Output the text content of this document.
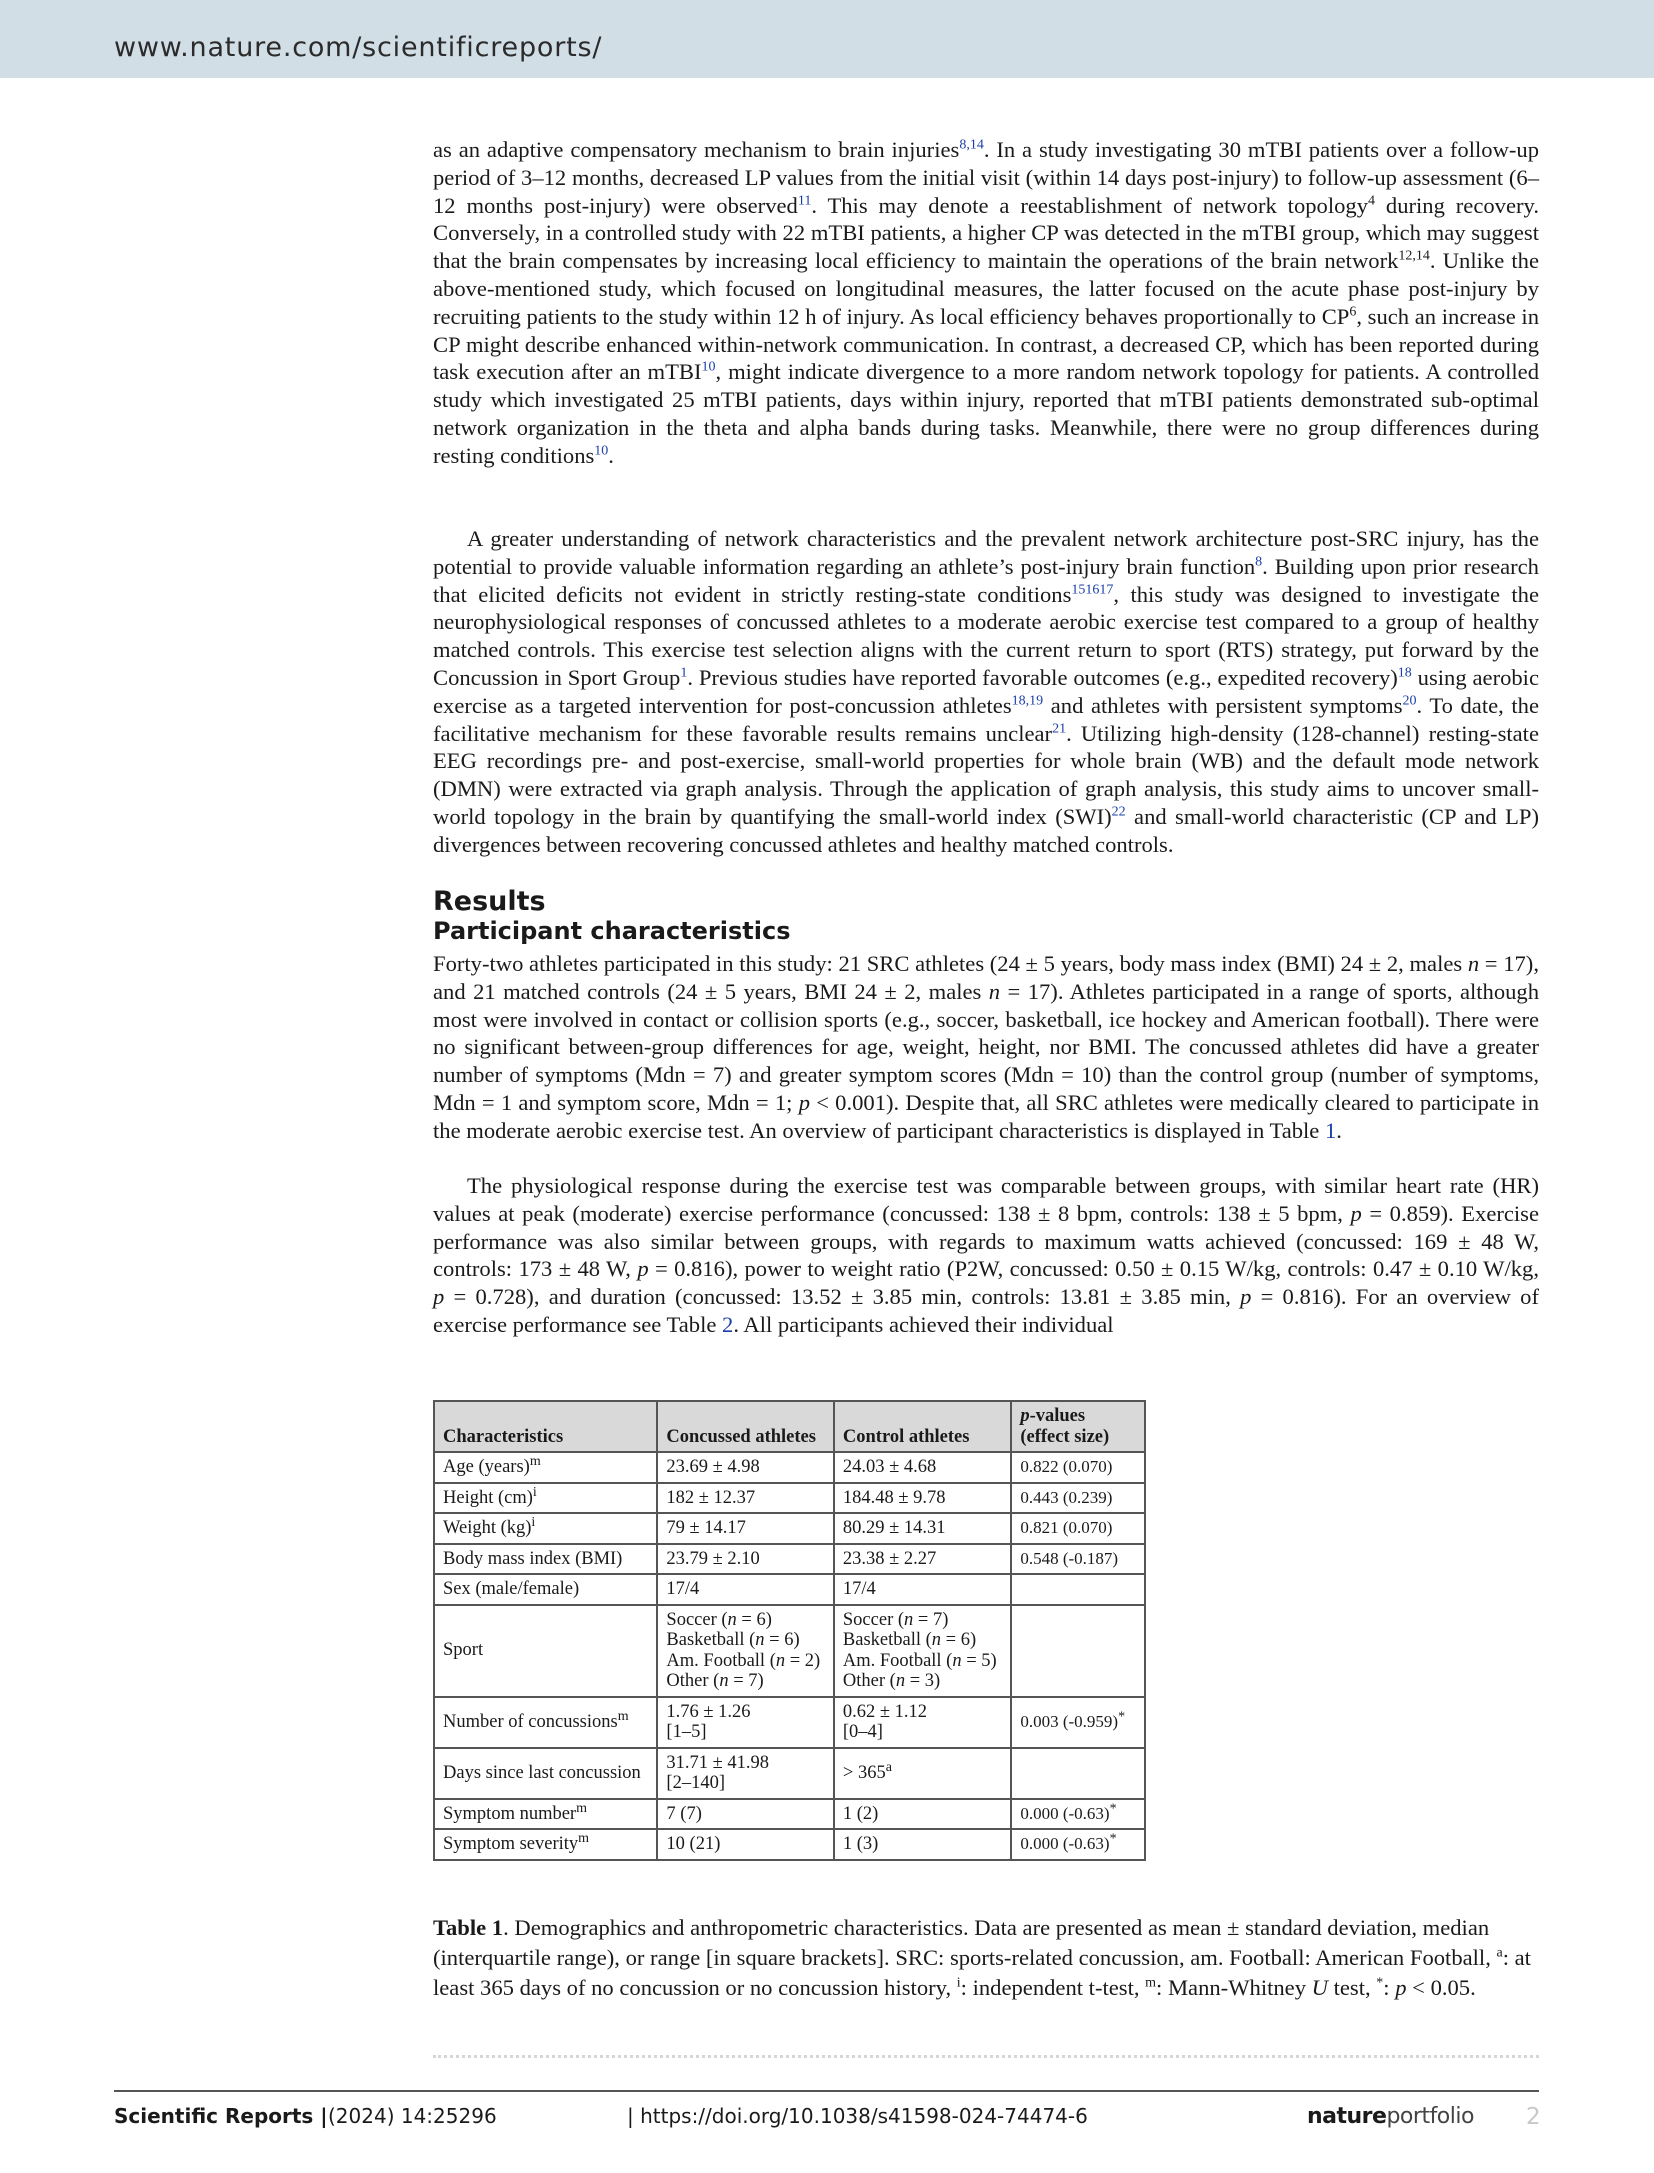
www.nature.com/scientificreports/

as an adaptive compensatory mechanism to brain injuries$^{8,14}$. In a study investigating 30 mTBI patients over a follow-up period of 3–12 months, decreased LP values from the initial visit (within 14 days post-injury) to follow-up assessment (6–12 months post-injury) were observed$^{11}$. This may denote a reestablishment of network topology$^4$ during recovery. Conversely, in a controlled study with 22 mTBI patients, a higher CP was detected in the mTBI group, which may suggest that the brain compensates by increasing local efficiency to maintain the operations of the brain network$^{12,14}$. Unlike the above-mentioned study, which focused on longitudinal measures, the latter focused on the acute phase post-injury by recruiting patients to the study within 12 h of injury. As local efficiency behaves proportionally to $CP^6$, such an increase in CP might describe enhanced within-network communication. In contrast, a decreased CP, which has been reported during task execution after an mTBI$^{10}$, might indicate divergence to a more random network topology for patients. A controlled study which investigated 25 mTBI patients, days within injury, reported that mTBI patients demonstrated sub-optimal network organization in the theta and alpha bands during tasks. Meanwhile, there were no group differences during resting conditions$^{10}$.

A greater understanding of network characteristics and the prevalent network architecture post-SRC injury, has the potential to provide valuable information regarding an athlete’s post-injury brain function$^8$. Building upon prior research that elicited deficits not evident in strictly resting-state conditions$^{151617}$, this study was designed to investigate the neurophysiological responses of concussed athletes to a moderate aerobic exercise test compared to a group of healthy matched controls. This exercise test selection aligns with the current return to sport (RTS) strategy, put forward by the Concussion in Sport Group$^1$. Previous studies have reported favorable outcomes (e.g., expedited recovery)$^{18}$ using aerobic exercise as a targeted intervention for post-concussion athletes$^{18,19}$ and athletes with persistent symptoms$^{20}$. To date, the facilitative mechanism for these favorable results remains unclear$^{21}$. Utilizing high-density (128-channel) resting-state EEG recordings pre- and post-exercise, small-world properties for whole brain (WB) and the default mode network (DMN) were extracted via graph analysis. Through the application of graph analysis, this study aims to uncover small-world topology in the brain by quantifying the small-world index (SWI)$^{22}$ and small-world characteristic (CP and LP) divergences between recovering concussed athletes and healthy matched controls.

Results
Participant characteristics

Forty-two athletes participated in this study: 21 SRC athletes (24 ± 5 years, body mass index (BMI) 24 ± 2, males n = 17), and 21 matched controls (24 ± 5 years, BMI 24 ± 2, males n = 17). Athletes participated in a range of sports, although most were involved in contact or collision sports (e.g., soccer, basketball, ice hockey and American football). There were no significant between-group differences for age, weight, height, nor BMI. The concussed athletes did have a greater number of symptoms (Mdn = 7) and greater symptom scores (Mdn = 10) than the control group (number of symptoms, Mdn = 1 and symptom score, Mdn = 1; p < 0.001). Despite that, all SRC athletes were medically cleared to participate in the moderate aerobic exercise test. An overview of participant characteristics is displayed in Table 1.

The physiological response during the exercise test was comparable between groups, with similar heart rate (HR) values at peak (moderate) exercise performance (concussed: 138 ± 8 bpm, controls: 138 ± 5 bpm, p = 0.859). Exercise performance was also similar between groups, with regards to maximum watts achieved (concussed: 169 ± 48 W, controls: 173 ± 48 W, p = 0.816), power to weight ratio (P2W, concussed: 0.50 ± 0.15 W/kg, controls: 0.47 ± 0.10 W/kg, p = 0.728), and duration (concussed: 13.52 ± 3.85 min, controls: 13.81 ± 3.85 min, p = 0.816). For an overview of exercise performance see Table 2. All participants achieved their individual

Characteristics	Concussed athletes	Control athletes	p-values
(effect size)
Age (years)$^m$	23.69 ± 4.98	24.03 ± 4.68	0.822 (0.070)
Height (cm)$^i$	182 ± 12.37	184.48 ± 9.78	0.443 (0.239)
Weight (kg)$^i$	79 ± 14.17	80.29 ± 14.31	0.821 (0.070)
Body mass index (BMI)	23.79 ± 2.10	23.38 ± 2.27	0.548 (-0.187)
Sex (male/female)	17/4	17/4	
Sport	Soccer (n = 6)
Basketball (n = 6)
Am. Football (n = 2)
Other (n = 7)	Soccer (n = 7)
Basketball (n = 6)
Am. Football (n = 5)
Other (n = 3)	
Number of concussions$^m$	1.76 ± 1.26
[1–5]	0.62 ± 1.12
[0–4]	0.003 (-0.959)*
Days since last concussion	31.71 ± 41.98
[2–140]	> $365^a$	
Symptom number$^m$	7 (7)	1 (2)	0.000 (-0.63)*
Symptom severity$^m$	10 (21)	1 (3)	0.000 (-0.63)*

Table 1. Demographics and anthropometric characteristics. Data are presented as mean ± standard deviation, median (interquartile range), or range [in square brackets]. SRC: sports-related concussion, am. Football: American Football, $^a$: at least 365 days of no concussion or no concussion history, $^i$: independent t-test, $^m$: Mann-Whitney U test, *: p < 0.05.

Scientific Reports | (2024) 14:25296	| https://doi.org/10.1038/s41598-024-74474-6	natureportfolio 2
